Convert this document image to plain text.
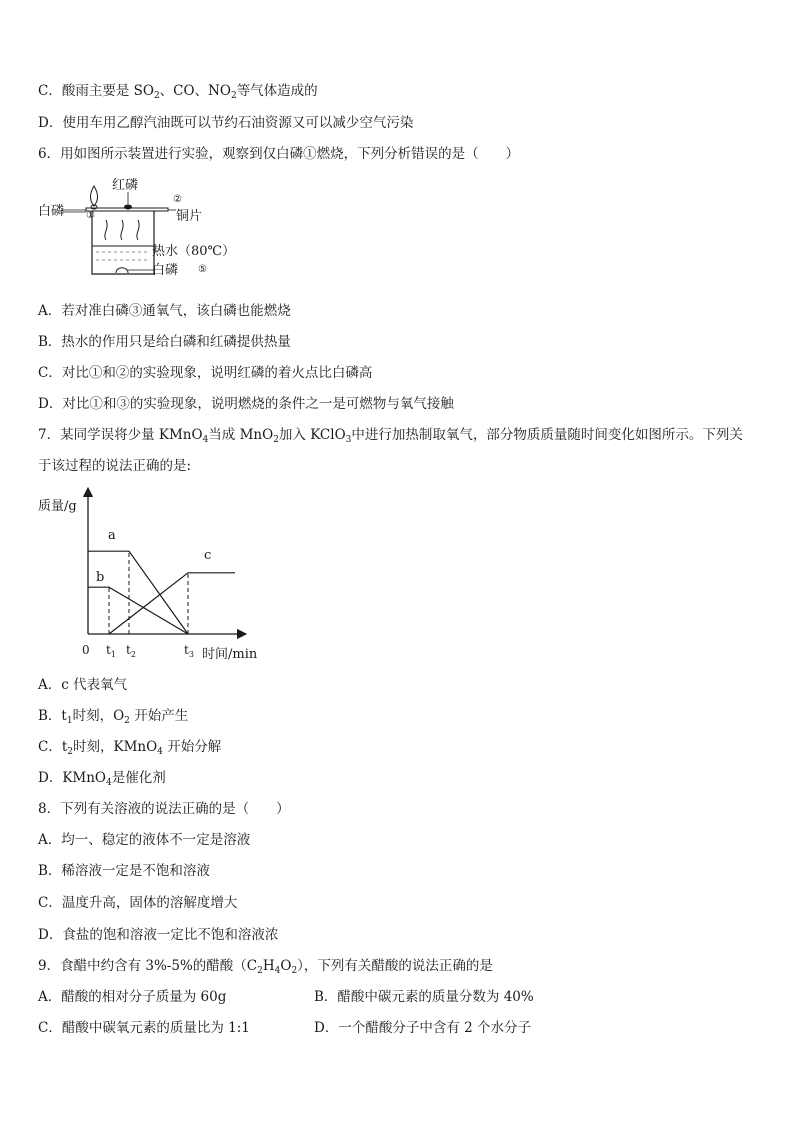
C．酸雨主要是 $SO_2$、CO、$NO_2$等气体造成的
D．使用车用乙醇汽油既可以节约石油资源又可以减少空气污染
6．用如图所示装置进行实验，观察到仅白磷①燃烧，下列分析错误的是（　　）
白磷 ①
红磷
②
铜片
热水（80℃）
白磷 ⑤
A．若对准白磷③通氧气，该白磷也能燃烧
B．热水的作用只是给白磷和红磷提供热量
C．对比①和②的实验现象，说明红磷的着火点比白磷高
D．对比①和③的实验现象，说明燃烧的条件之一是可燃物与氧气接触
7．某同学误将少量 KMnO$_4$当成 MnO$_2$加入 KClO$_3$中进行加热制取氧气，部分物质质量随时间变化如图所示。下列关
于该过程的说法正确的是:
质量/g
时间/min
a
b
c
0 $t_1$ $t_2$	$t_3$
A．c 代表氧气
B．$t_1$时刻，$O_2$ 开始产生
C．$t_2$时刻，KMnO$_4$ 开始分解
D．KMnO$_4$是催化剂
8．下列有关溶液的说法正确的是（　　）
A．均一、稳定的液体不一定是溶液
B．稀溶液一定是不饱和溶液
C．温度升高，固体的溶解度增大
D．食盐的饱和溶液一定比不饱和溶液浓
9．食醋中约含有 3%-5%的醋酸$(C_2H_4O_2)$，下列有关醋酸的说法正确的是
A．醋酸的相对分子质量为 60g	B．醋酸中碳元素的质量分数为 40%
C．醋酸中碳氧元素的质量比为 1:1	D．一个醋酸分子中含有 2 个水分子
